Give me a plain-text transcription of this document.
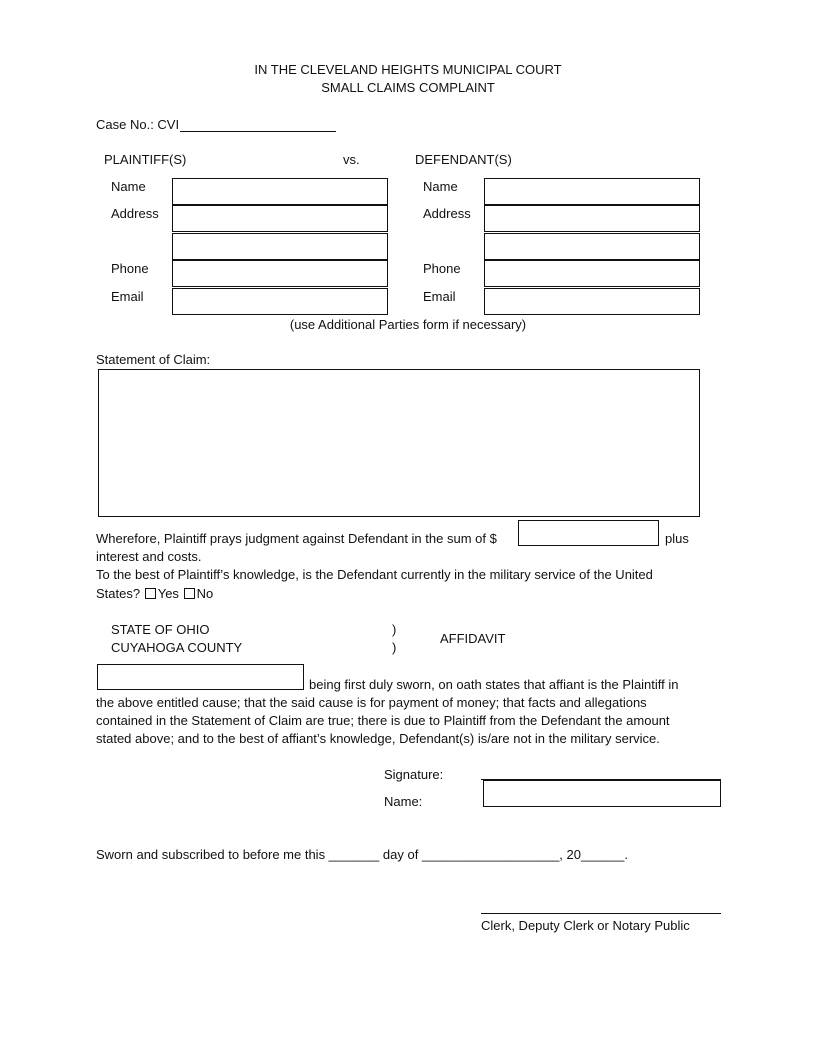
IN THE CLEVELAND HEIGHTS MUNICIPAL COURT
SMALL CLAIMS COMPLAINT
Case No.: CVI
PLAINTIFF(S)	vs.	DEFENDANT(S)
Name
Address
Phone
Email
Name
Address
Phone
Email
(use Additional Parties form if necessary)
Statement of Claim:
Wherefore, Plaintiff prays judgment against Defendant in the sum of $	plus
interest and costs.
To the best of Plaintiff’s knowledge, is the Defendant currently in the military service of the United
States? Yes No
STATE OF OHIO
CUYAHOGA COUNTY
)
)
AFFIDAVIT
being first duly sworn, on oath states that affiant is the Plaintiff in
the above entitled cause; that the said cause is for payment of money; that facts and allegations
contained in the Statement of Claim are true; there is due to Plaintiff from the Defendant the amount
stated above; and to the best of affiant’s knowledge, Defendant(s) is/are not in the military service.
Signature:
Name:
Sworn and subscribed to before me this _______ day of ___________________, 20______.
Clerk, Deputy Clerk or Notary Public
